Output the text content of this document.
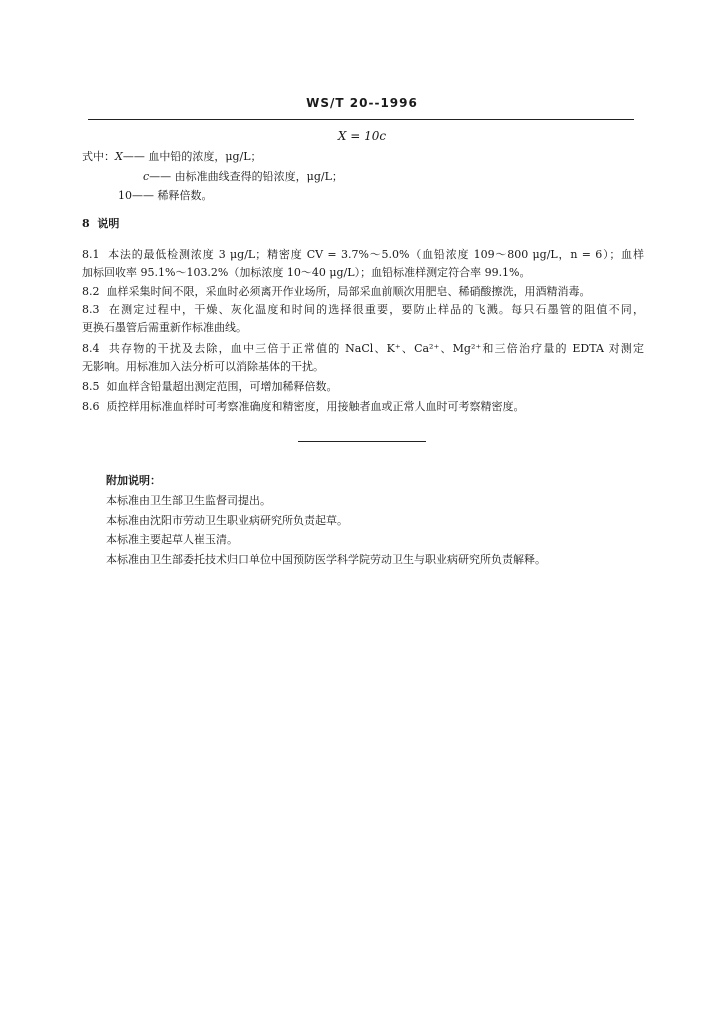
WS/T 20--1996
X = 10c
式中：X—— 血中铅的浓度，μg/L；
c—— 由标准曲线查得的铅浓度，μg/L；
10—— 稀释倍数。
8 说明
8.1 本法的最低检测浓度 3 μg/L；精密度 CV = 3.7%～5.0%（血铅浓度 109～800 μg/L，n = 6）；血样
加标回收率 95.1%～103.2%（加标浓度 10～40 μg/L）；血铅标准样测定符合率 99.1%。
8.2 血样采集时间不限，采血时必须离开作业场所，局部采血前顺次用肥皂、稀硝酸擦洗，用酒精消毒。
8.3 在测定过程中，干燥、灰化温度和时间的选择很重要，要防止样品的飞溅。每只石墨管的阻值不同，
更换石墨管后需重新作标准曲线。
8.4 共存物的干扰及去除，血中三倍于正常值的 NaCl、K⁺、Ca²⁺、Mg²⁺和三倍治疗量的 EDTA 对测定
无影响。用标准加入法分析可以消除基体的干扰。
8.5 如血样含铅量超出测定范围，可增加稀释倍数。
8.6 质控样用标准血样时可考察准确度和精密度，用接触者血或正常人血时可考察精密度。
附加说明：
本标准由卫生部卫生监督司提出。
本标准由沈阳市劳动卫生职业病研究所负责起草。
本标准主要起草人崔玉清。
本标准由卫生部委托技术归口单位中国预防医学科学院劳动卫生与职业病研究所负责解释。
